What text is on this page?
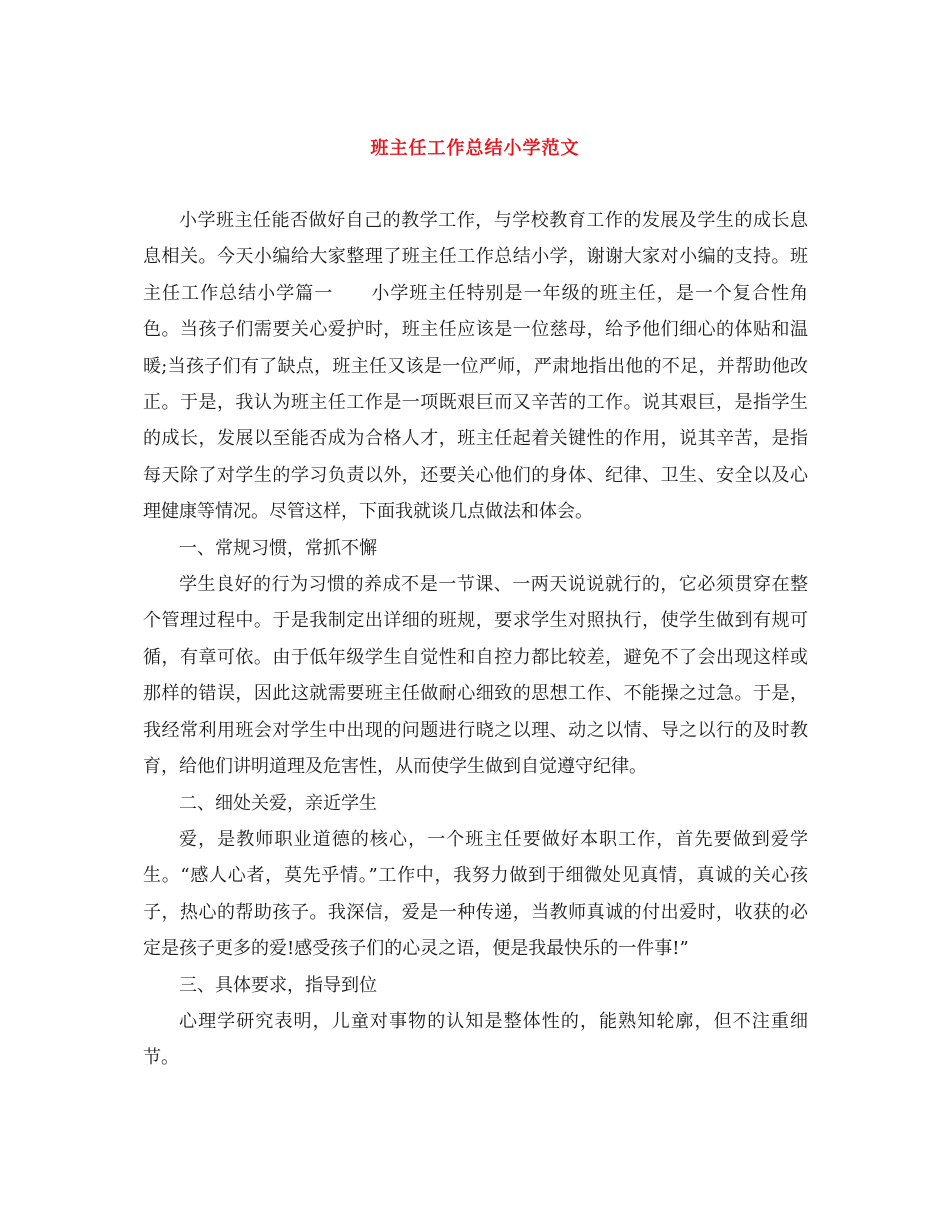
班主任工作总结小学范文

小学班主任能否做好自己的教学工作，与学校教育工作的发展及学生的成长息息相关。今天小编给大家整理了班主任工作总结小学，谢谢大家对小编的支持。班主任工作总结小学篇一　　小学班主任特别是一年级的班主任，是一个复合性角色。当孩子们需要关心爱护时，班主任应该是一位慈母，给予他们细心的体贴和温暖;当孩子们有了缺点，班主任又该是一位严师，严肃地指出他的不足，并帮助他改正。于是，我认为班主任工作是一项既艰巨而又辛苦的工作。说其艰巨，是指学生的成长，发展以至能否成为合格人才，班主任起着关键性的作用，说其辛苦，是指每天除了对学生的学习负责以外，还要关心他们的身体、纪律、卫生、安全以及心理健康等情况。尽管这样，下面我就谈几点做法和体会。

一、常规习惯，常抓不懈

学生良好的行为习惯的养成不是一节课、一两天说说就行的，它必须贯穿在整个管理过程中。于是我制定出详细的班规，要求学生对照执行，使学生做到有规可循，有章可依。由于低年级学生自觉性和自控力都比较差，避免不了会出现这样或那样的错误，因此这就需要班主任做耐心细致的思想工作、不能操之过急。于是，我经常利用班会对学生中出现的问题进行晓之以理、动之以情、导之以行的及时教育，给他们讲明道理及危害性，从而使学生做到自觉遵守纪律。

二、细处关爱，亲近学生

爱，是教师职业道德的核心，一个班主任要做好本职工作，首先要做到爱学生。“感人心者，莫先乎情。”工作中，我努力做到于细微处见真情，真诚的关心孩子，热心的帮助孩子。我深信，爱是一种传递，当教师真诚的付出爱时，收获的必定是孩子更多的爱!感受孩子们的心灵之语，便是我最快乐的一件事!”

三、具体要求，指导到位

心理学研究表明，儿童对事物的认知是整体性的，能熟知轮廓，但不注重细节。
